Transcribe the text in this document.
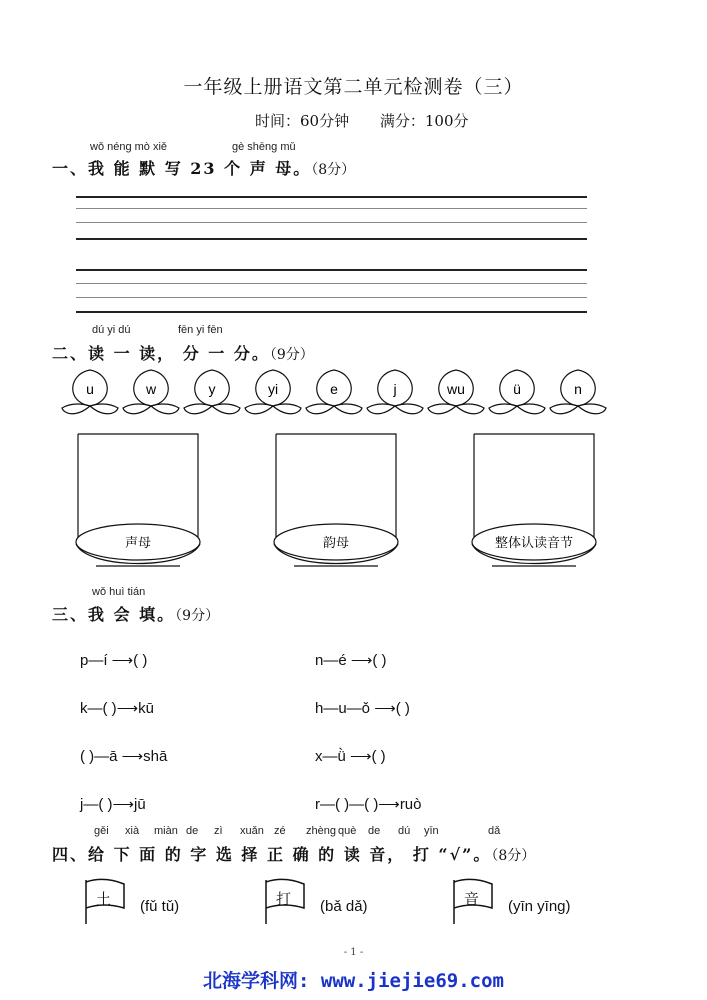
一年级上册语文第二单元检测卷（三）
时间：60分钟 满分：100分
wǒ néng mò xiě	gè shēng mǔ
一、我 能 默 写 23 个 声 母。（8分）
dú yi dú	fēn yi fēn
二、读 一 读， 分 一 分。（9分）
u	w	y	yi	e	j	wu	ü	n
声母	韵母	整体认读音节
wǒ huì tián
三、我 会 填。（9分）
p—í ⟶( )	n—é ⟶( )
k—( )⟶kū	h—u—ǒ ⟶( )
( )—ā ⟶shā	x—ǜ ⟶( )
j—( )⟶jū	r—( )—( )⟶ruò
gěi xià miàn de zì xuǎn zé zhèng què de dú yīn	dǎ
四、给 下 面 的 字 选 择 正 确 的 读 音， 打 “√”。（8分）
土 (fǔ tǔ)	打 (bǎ dǎ)	音 (yīn yīng)
- 1 -
北海学科网: www.jiejie69.com
